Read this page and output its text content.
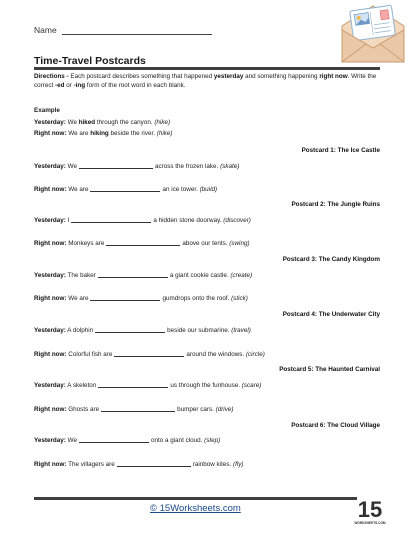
Name
Time-Travel Postcards
Directions - Each postcard describes something that happened yesterday and something happening right now. Write the correct -ed or -ing form of the root word in each blank.
Example
Yesterday: We hiked through the canyon. (hike)
Right now: We are hiking beside the river. (hike)
Postcard 1: The Ice Castle
Yesterday: We	across the frozen lake. (skate)
Right now: We are	an ice tower. (build)
Postcard 2: The Jungle Ruins
Yesterday: I	a hidden stone doorway. (discover)
Right now: Monkeys are	above our tents. (swing)
Postcard 3: The Candy Kingdom
Yesterday: The baker	a giant cookie castle. (create)
Right now: We are	gumdrops onto the roof. (stick)
Postcard 4: The Underwater City
Yesterday: A dolphin	beside our submarine. (travel)
Right now: Colorful fish are	around the windows. (circle)
Postcard 5: The Haunted Carnival
Yesterday: A skeleton	us through the funhouse. (scare)
Right now: Ghosts are	bumper cars. (drive)
Postcard 6: The Cloud Village
Yesterday: We	onto a giant cloud. (step)
Right now: The villagers are	rainbow kites. (fly)
© 15Worksheets.com	15
WORKSHEETS.COM
